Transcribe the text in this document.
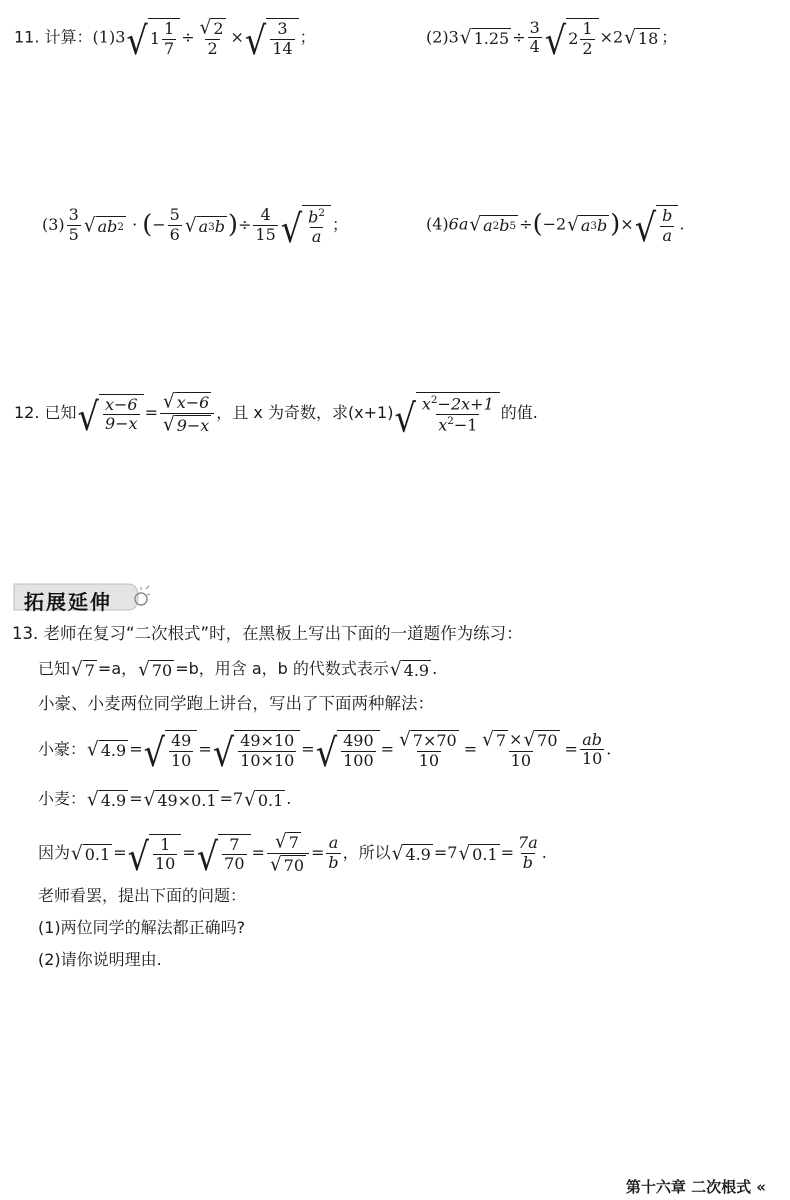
11. 计算：(1)3 √ 1
1
7
÷ $\frac{√ 2}{2}$ × √ 3
14
；	(2)3 √ $1.25 \div \frac{3}{4}$ √ 2
1
2
×2 √ 18 ；
$(3) \frac{3}{5}$ √ ab 2 · (− $\frac{5}{6}$ √ a 3 b )÷ $\frac{4}{15}$ √ $b^2$
a
；	(4)6a √ a 2 b 5 ÷(−2 √ a 3 b )× √ b
a
.
12. 已知 √ x−6
9−x
= $\frac{√ x-6}{√ 9-x}$ ，且 x 为奇数，求(x+1) √ $x^2-2x+1$
$x^2-1$
的值.
拓展延伸
13. 老师在复习“二次根式”时，在黑板上写出下面的一道题作为练习：
已知 √ 7 =a， √ 70 =b，用含 a，b 的代数式表示 √ 4.9 .
小豪、小麦两位同学跑上讲台，写出了下面两种解法：
小豪： √ 4.9 = √ 49
10
= √ 49×10
10×10
= √ 490
100
= $\frac{√ 7\times 70}{10} = \frac{√ 7 \times √ 70}{10} = \frac{ab}{10}$ .
小麦： √ 4.9 = √ 49×0.1 =7 √ 0.1 .
因为 √ 0.1 = √ 1
10
= √ 7
70
= $\frac{√ 7}{√ 70} = \frac{a}{b}$ ，所以 √ 4.9 =7 √ $0.1 = \frac{7a}{b}$ .
老师看罢，提出下面的问题：
(1)两位同学的解法都正确吗?
(2)请你说明理由.
第十六章 二次根式 «
